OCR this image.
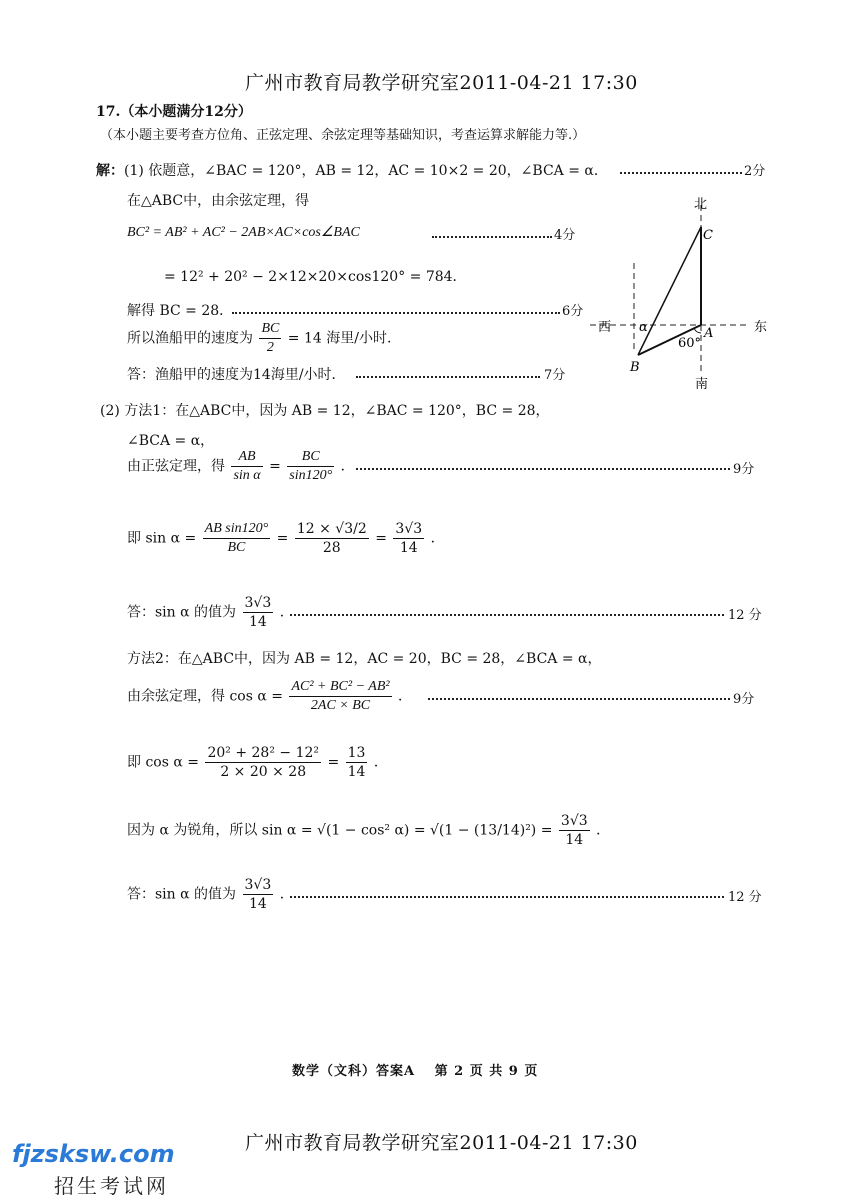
广州市教育局教学研究室2011-04-21 17:30
17.（本小题满分12分）
（本小题主要考查方位角、正弦定理、余弦定理等基础知识，考查运算求解能力等.）
解： (1) 依题意，∠BAC = 120°，AB = 12，AC = 10×2 = 20，∠BCA = α．	2分
在△ABC中，由余弦定理，得
BC² = AB² + AC² − 2AB×AC×cos∠BAC	4分
= 12² + 20² − 2×12×20×cos120° = 784．
解得 BC = 28．	6分
所以渔船甲的速度为 $\frac{BC}{2} = 14$ 海里/小时.
答：渔船甲的速度为14海里/小时．	7分
北
C
西	东
α	A
60°
B
南
(2) 方法1：在△ABC中，因为 AB = 12，∠BAC = 120°，BC = 28，
∠BCA = α，
由正弦定理，得 $\frac{AB}{\text{sin α}} = \frac{BC}{\sin 120^\circ}$ ．	9分
即 $\sin \alpha = \frac{\text{AB sin120°}}{BC} = \frac{12 \times √3/2}{28} = \frac{3√3}{14}$ ．
答：sin α 的值为 $\frac{3√3}{14}$ ．	12 分
方法2：在△ABC中，因为 AB = 12，AC = 20，BC = 28，∠BCA = α，
由余弦定理，得 $\cos \alpha = \frac{\text{AC² + BC² − AB²}}{2AC \times BC}$ ．	9分
即 $\cos \alpha = \frac{\text{20² + 28² − 12²}}{2 \times 20 \times 28} = \frac{13}{14}$ ．
因为 α 为锐角，所以 sin α = √(1 − cos² $\alpha) = √(1 - (13/14)^2) = \frac{3√3}{14}$ ．
答：sin α 的值为 $\frac{3√3}{14}$ ．	12 分
数学（文科）答案A　 第 2 页 共 9 页
广州市教育局教学研究室2011-04-21 17:30
fjzsksw.com
招生考试网
